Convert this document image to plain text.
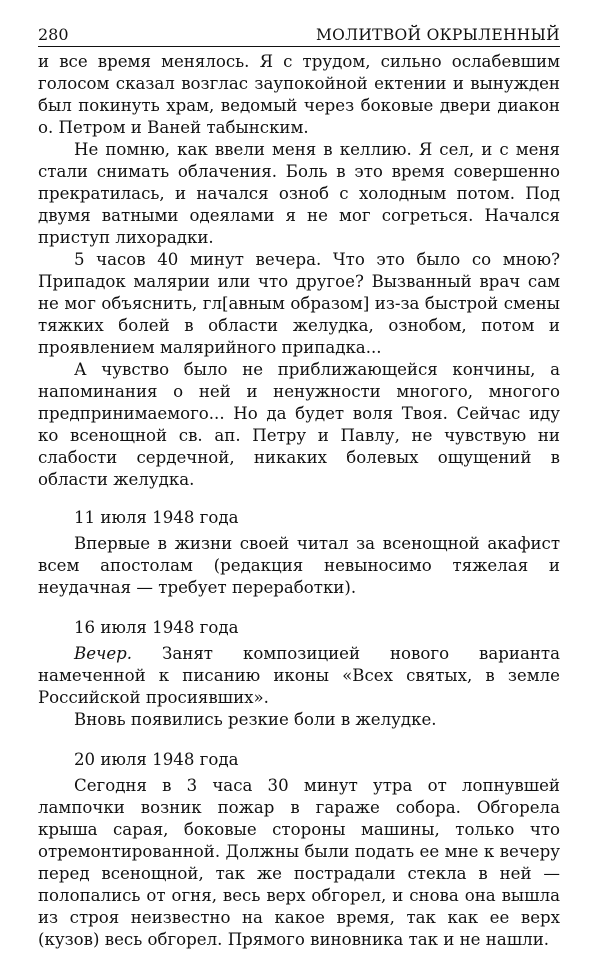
280	МОЛИТВОЙ ОКРЫЛЕННЫЙ

и все время менялось. Я с трудом, сильно ослабевшим голосом сказал возглас заупокойной ектении и вынужден был покинуть храм, ведомый через боковые двери диакон о. Петром и Ваней табынским.

Не помню, как ввели меня в келлию. Я сел, и с меня стали снимать облачения. Боль в это время совершенно прекратилась, и начался озноб с холодным потом. Под двумя ватными одеялами я не мог согреться. Начался приступ лихорадки.

5 часов 40 минут вечера. Что это было со мною? Припадок малярии или что другое? Вызванный врач сам не мог объяснить, гл[авным образом] из-за быстрой смены тяжких болей в области желудка, ознобом, потом и проявлением малярийного припадка...

А чувство было не приближающейся кончины, а напоминания о ней и ненужности многого, многого предпринимаемого... Но да будет воля Твоя. Сейчас иду ко всенощной св. ап. Петру и Павлу, не чувствую ни слабости сердечной, никаких болевых ощущений в области желудка.

11 июля 1948 года

Впервые в жизни своей читал за всенощной акафист всем апостолам (редакция невыносимо тяжелая и неудачная — требует переработки).

16 июля 1948 года

Вечер. Занят композицией нового варианта намеченной к писанию иконы «Всех святых, в земле Российской просиявших».

Вновь появились резкие боли в желудке.

20 июля 1948 года

Сегодня в 3 часа 30 минут утра от лопнувшей лампочки возник пожар в гараже собора. Обгорела крыша сарая, боковые стороны машины, только что отремонтированной. Должны были подать ее мне к вечеру перед всенощной, так же пострадали стекла в ней — полопались от огня, весь верх обгорел, и снова она вышла из строя неизвестно на какое время, так как ее верх (кузов) весь обгорел. Прямого виновника так и не нашли.
